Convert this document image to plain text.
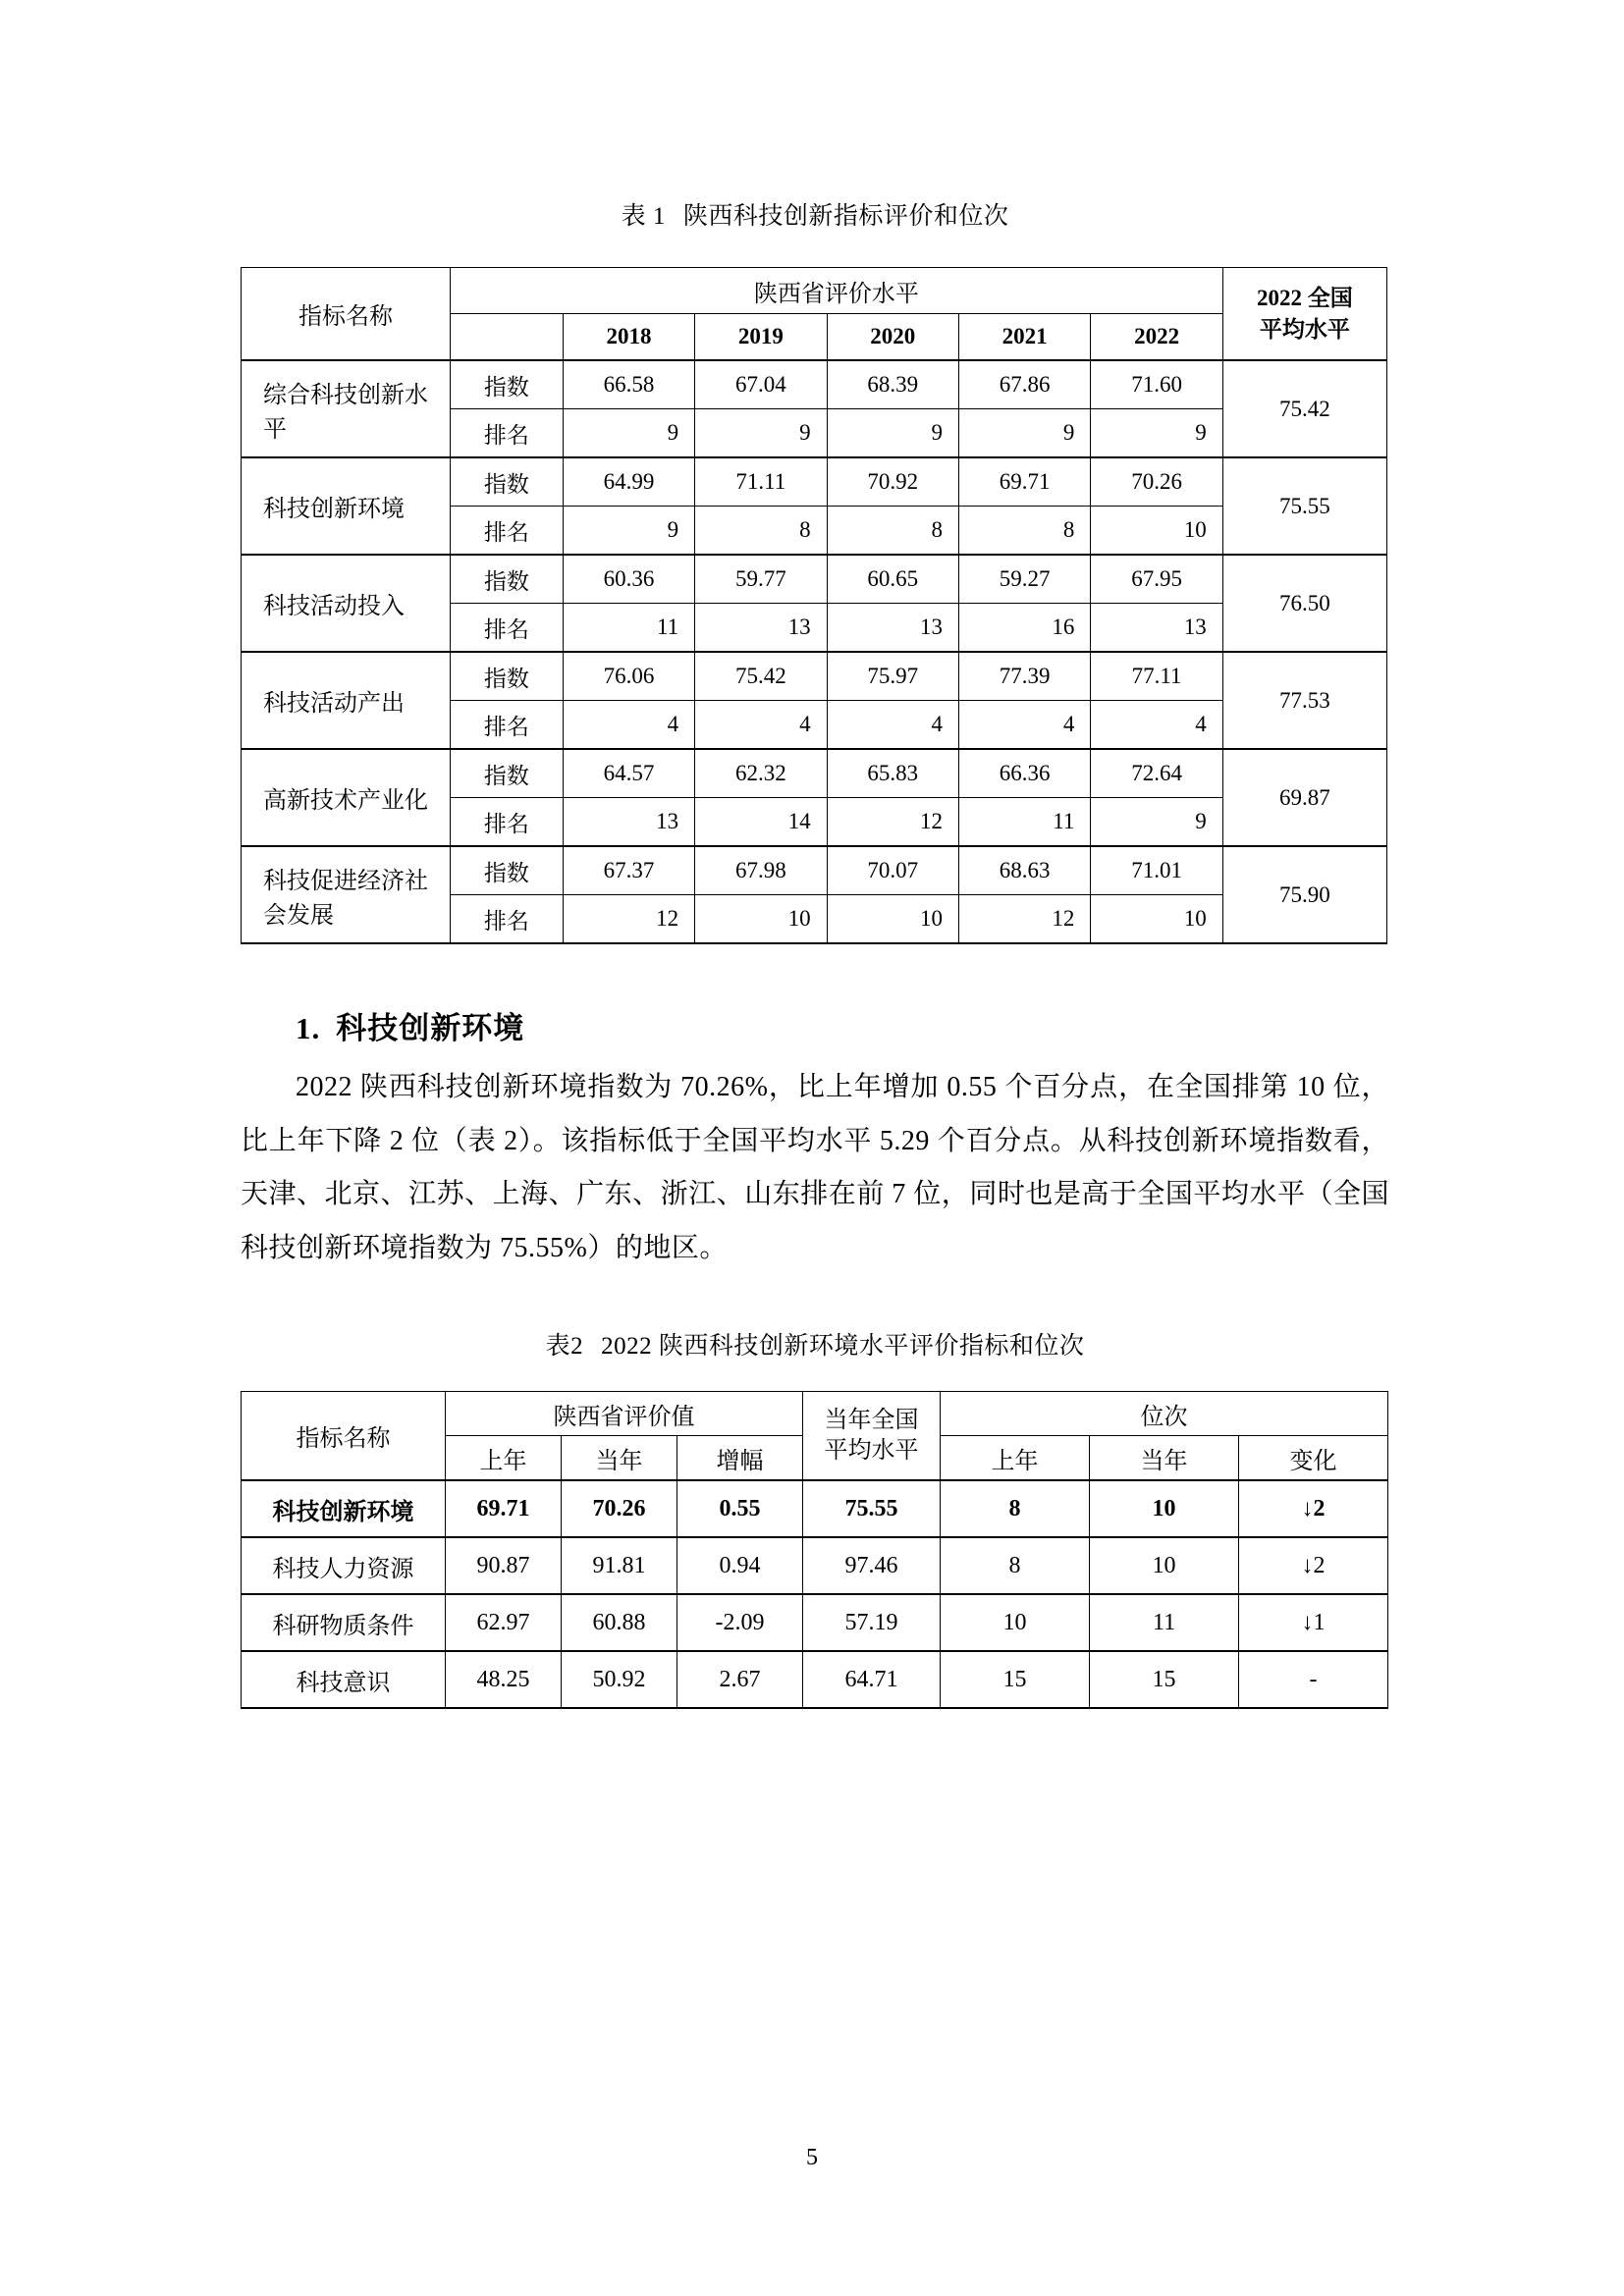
表 1 陕西科技创新指标评价和位次
指标名称	陕西省评价水平						2022 全国
平均水平
		2018	2019	2020	2021	2022	
综合科技创新水平	指数	66.58	67.04	68.39	67.86	71.60	75.42
	排名	9	9	9	9	9	
科技创新环境	指数	64.99	71.11	70.92	69.71	70.26	75.55
	排名	9	8	8	8	10	
科技活动投入	指数	60.36	59.77	60.65	59.27	67.95	76.50
	排名	11	13	13	16	13	
科技活动产出	指数	76.06	75.42	75.97	77.39	77.11	77.53
	排名	4	4	4	4	4	
高新技术产业化	指数	64.57	62.32	65.83	66.36	72.64	69.87
	排名	13	14	12	11	9	
科技促进经济社会发展	指数	67.37	67.98	70.07	68.63	71.01	75.90
	排名	12	10	10	12	10	
1. 科技创新环境

2022 陕西科技创新环境指数为 70.26%，比上年增加 0.55 个百分点，在全国排第 10 位，比上年下降 2 位（表 2）。该指标低于全国平均水平 5.29 个百分点。从科技创新环境指数看，天津、北京、江苏、上海、广东、浙江、山东排在前 7 位，同时也是高于全国平均水平（全国科技创新环境指数为 75.55%）的地区。

表2 2022 陕西科技创新环境水平评价指标和位次
指标名称	陕西省评价值			当年全国
平均水平	位次		
	上年	当年	增幅		上年	当年	变化
科技创新环境	69.71	70.26	0.55	75.55	8	10	↓2
科技人力资源	90.87	91.81	0.94	97.46	8	10	↓2
科研物质条件	62.97	60.88	-2.09	57.19	10	11	↓1
科技意识	48.25	50.92	2.67	64.71	15	15	-
5
